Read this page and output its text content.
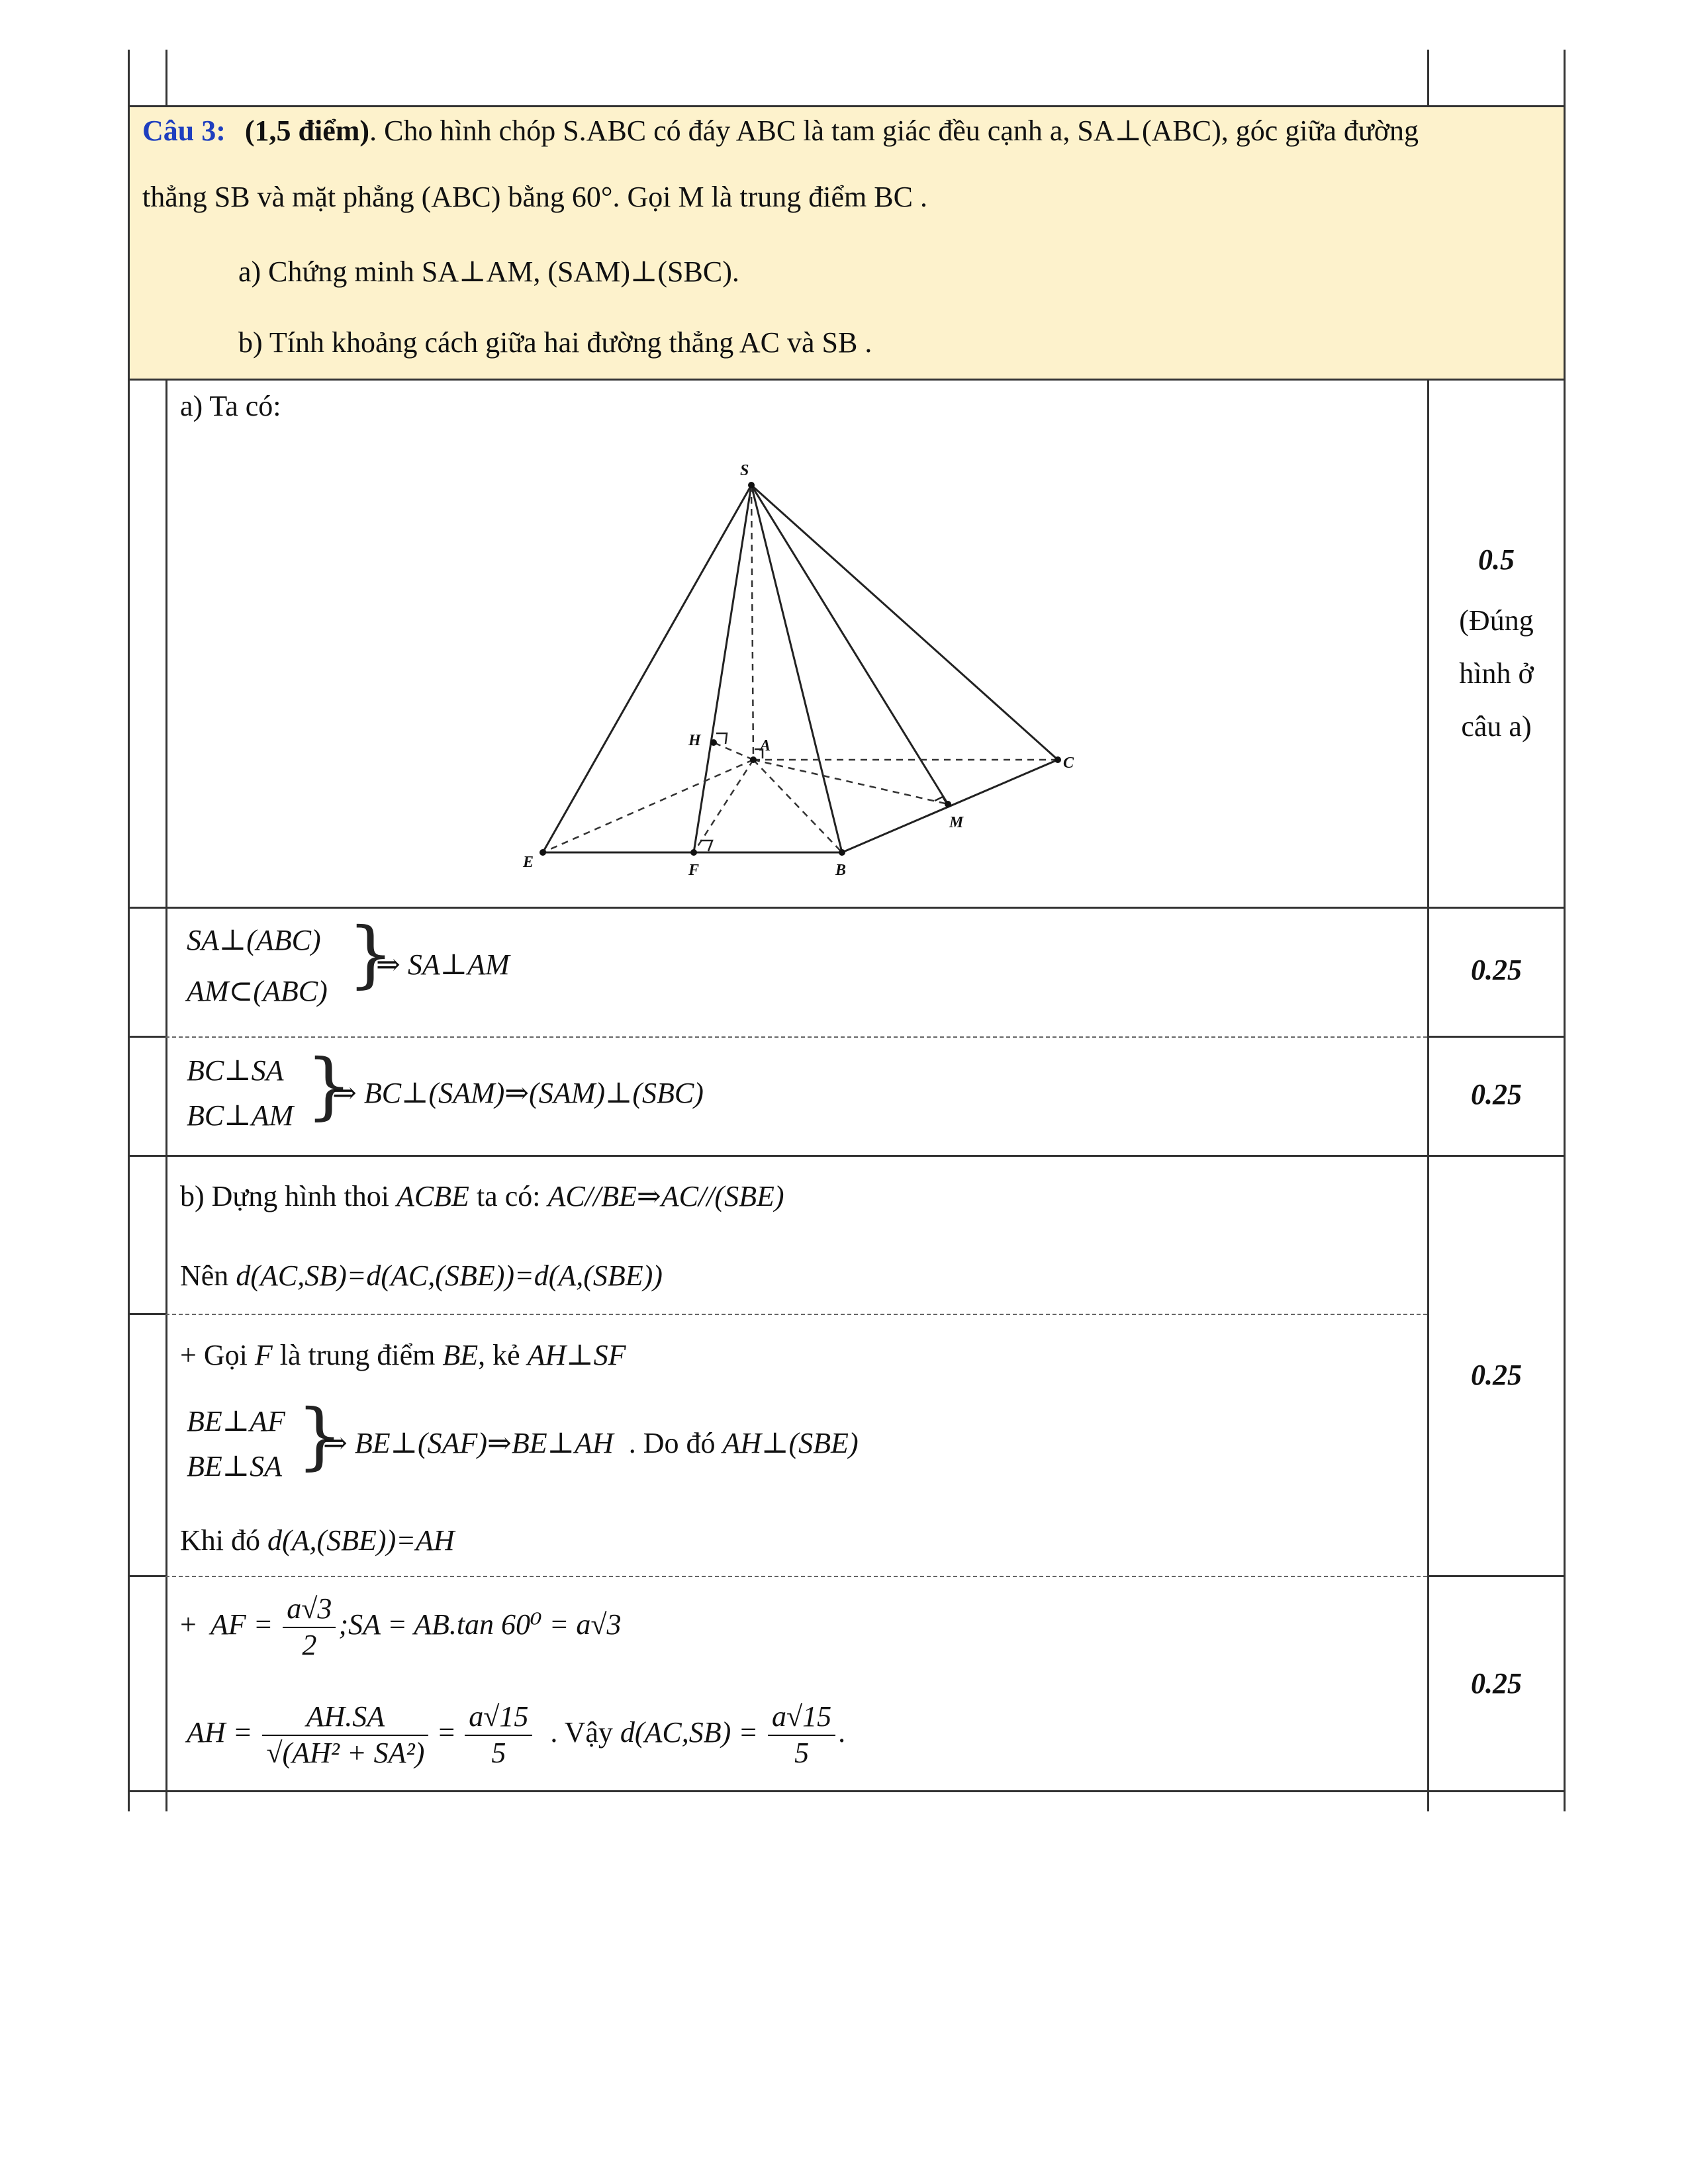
Câu 3: (1,5 điểm). Cho hình chóp S.ABC có đáy ABC là tam giác đều cạnh a, SA⊥(ABC), góc giữa đường
thẳng SB và mặt phẳng (ABC) bằng 60°. Gọi M là trung điểm BC .
a) Chứng minh SA⊥AM, (SAM)⊥(SBC).
b) Tính khoảng cách giữa hai đường thẳng AC và SB .
a) Ta có:
S
H	A
C
M
E	F	B
0.5
(Đúng
hình ở
câu a)
SA⊥(ABC)
AM⊂(ABC) }
⇒ SA⊥AM	0.25
BC⊥SA
BC⊥AM }
⇒ BC⊥(SAM)⇒(SAM)⊥(SBC)	0.25
b) Dựng hình thoi ACBE ta có: AC//BE⇒AC//(SBE)
Nên d(AC,SB)=d(AC,(SBE))=d(A,(SBE))
+ Gọi F là trung điểm BE, kẻ AH⊥SF
BE⊥AF
BE⊥SA }
⇒ BE⊥(SAF)⇒BE⊥AH . Do đó AH⊥(SBE)
Khi đó d(A,(SBE))=AH
0.25
+ AF = $\frac{a√3}{2}$ ;SA = AB.tan 60⁰ = a√3
AH = $\frac{AH.SA}{\text{√(AH² + SA²)}} = \frac{a√15}{5}$ . Vậy $d(AC,SB) = \frac{a√15}{5}$ .
0.25
